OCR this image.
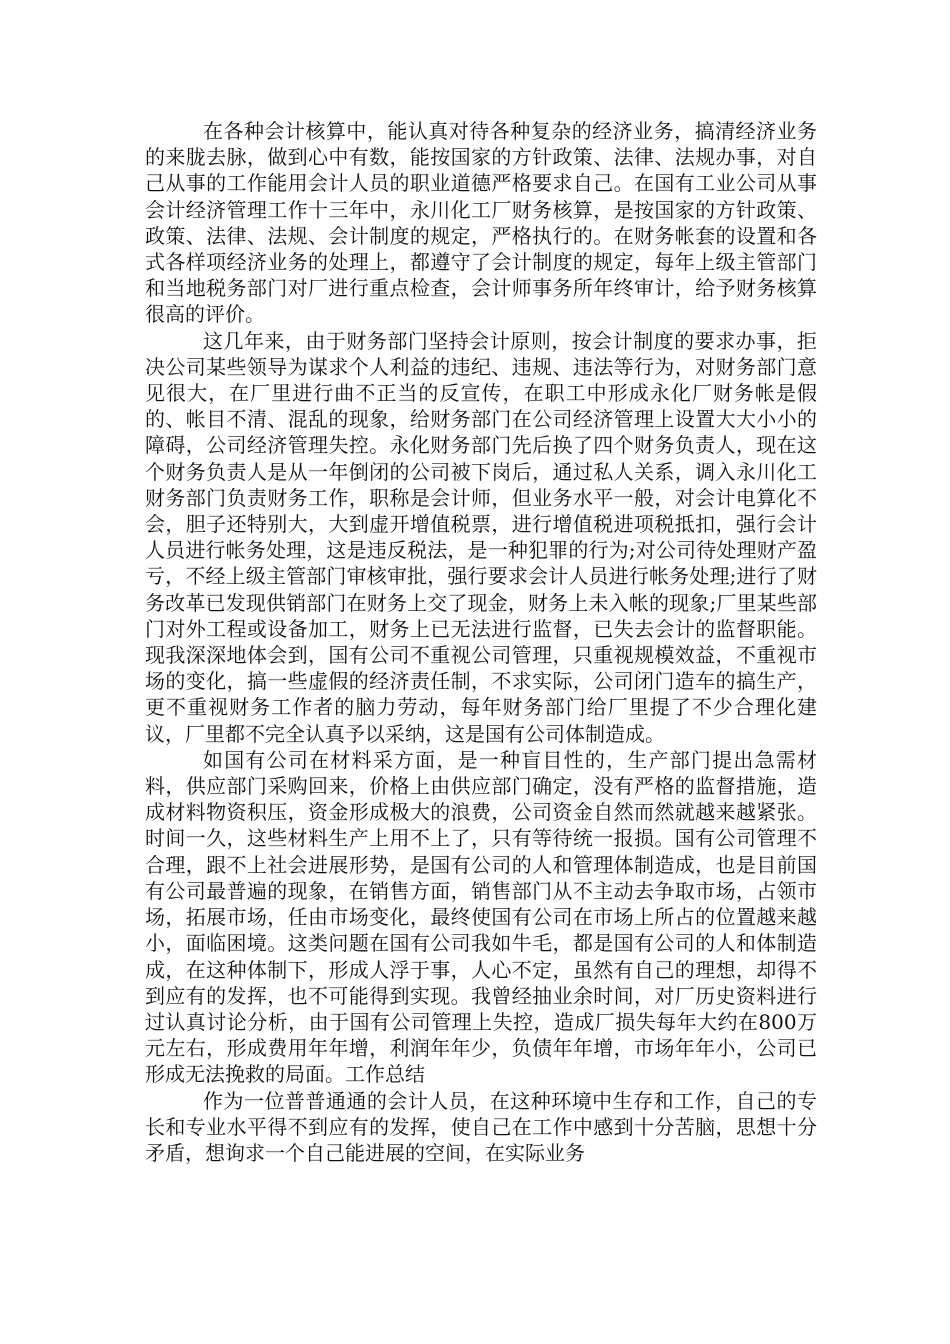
在各种会计核算中，能认真对待各种复杂的经济业务，搞清经济业务的来胧去脉，做到心中有数，能按国家的方针政策、法律、法规办事，对自己从事的工作能用会计人员的职业道德严格要求自己。在国有工业公司从事会计经济管理工作十三年中，永川化工厂财务核算，是按国家的方针政策、政策、法律、法规、会计制度的规定，严格执行的。在财务帐套的设置和各式各样项经济业务的处理上，都遵守了会计制度的规定，每年上级主管部门和当地税务部门对厂进行重点检查，会计师事务所年终审计，给予财务核算很高的评价。

这几年来，由于财务部门坚持会计原则，按会计制度的要求办事，拒决公司某些领导为谋求个人利益的违纪、违规、违法等行为，对财务部门意见很大，在厂里进行曲不正当的反宣传，在职工中形成永化厂财务帐是假的、帐目不清、混乱的现象，给财务部门在公司经济管理上设置大大小小的障碍，公司经济管理失控。永化财务部门先后换了四个财务负责人，现在这个财务负责人是从一年倒闭的公司被下岗后，通过私人关系，调入永川化工财务部门负责财务工作，职称是会计师，但业务水平一般，对会计电算化不会，胆子还特别大，大到虚开增值税票，进行增值税进项税抵扣，强行会计人员进行帐务处理，这是违反税法，是一种犯罪的行为;对公司待处理财产盈亏，不经上级主管部门审核审批，强行要求会计人员进行帐务处理;进行了财务改革已发现供销部门在财务上交了现金，财务上未入帐的现象;厂里某些部门对外工程或设备加工，财务上已无法进行监督，已失去会计的监督职能。现我深深地体会到，国有公司不重视公司管理，只重视规模效益，不重视市场的变化，搞一些虚假的经济责任制，不求实际，公司闭门造车的搞生产，更不重视财务工作者的脑力劳动，每年财务部门给厂里提了不少合理化建议，厂里都不完全认真予以采纳，这是国有公司体制造成。

如国有公司在材料采方面，是一种盲目性的，生产部门提出急需材料，供应部门采购回来，价格上由供应部门确定，没有严格的监督措施，造成材料物资积压，资金形成极大的浪费，公司资金自然而然就越来越紧张。时间一久，这些材料生产上用不上了，只有等待统一报损。国有公司管理不合理，跟不上社会进展形势，是国有公司的人和管理体制造成，也是目前国有公司最普遍的现象，在销售方面，销售部门从不主动去争取市场，占领市场，拓展市场，任由市场变化，最终使国有公司在市场上所占的位置越来越小，面临困境。这类问题在国有公司我如牛毛，都是国有公司的人和体制造成，在这种体制下，形成人浮于事，人心不定，虽然有自己的理想，却得不到应有的发挥，也不可能得到实现。我曾经抽业余时间，对厂历史资料进行过认真讨论分析，由于国有公司管理上失控，造成厂损失每年大约在800万元左右，形成费用年年增，利润年年少，负债年年增，市场年年小，公司已形成无法挽救的局面。工作总结

作为一位普普通通的会计人员，在这种环境中生存和工作，自己的专长和专业水平得不到应有的发挥，使自己在工作中感到十分苦脑，思想十分矛盾，想询求一个自己能进展的空间，在实际业务
